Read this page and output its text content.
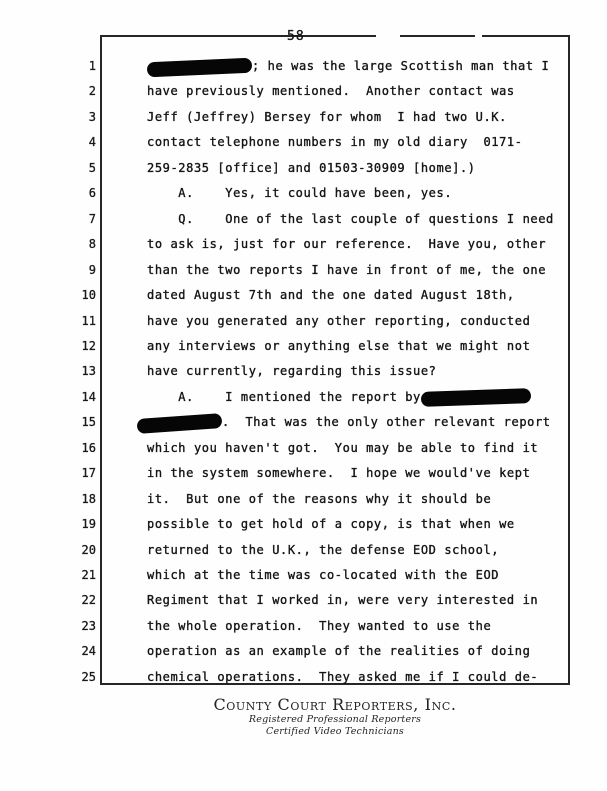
58
1	; he was the large Scottish man that I
2	have previously mentioned.  Another contact was
3	Jeff (Jeffrey) Bersey for whom  I had two U.K.
4	contact telephone numbers in my old diary  0171-
5	259-2835 [office] and 01503-30909 [home].)
6	A.    Yes, it could have been, yes.
7	Q.    One of the last couple of questions I need
8	to ask is, just for our reference.  Have you, other
9	than the two reports I have in front of me, the one
10	dated August 7th and the one dated August 18th,
11	have you generated any other reporting, conducted
12	any interviews or anything else that we might not
13	have currently, regarding this issue?
14	A.    I mentioned the report by
15	.  That was the only other relevant report
16	which you haven't got.  You may be able to find it
17	in the system somewhere.  I hope we would've kept
18	it.  But one of the reasons why it should be
19	possible to get hold of a copy, is that when we
20	returned to the U.K., the defense EOD school,
21	which at the time was co-located with the EOD
22	Regiment that I worked in, were very interested in
23	the whole operation.  They wanted to use the
24	operation as an example of the realities of doing
25	chemical operations.  They asked me if I could de-
County Court Reporters, Inc.
Registered Professional Reporters
Certified Video Technicians
